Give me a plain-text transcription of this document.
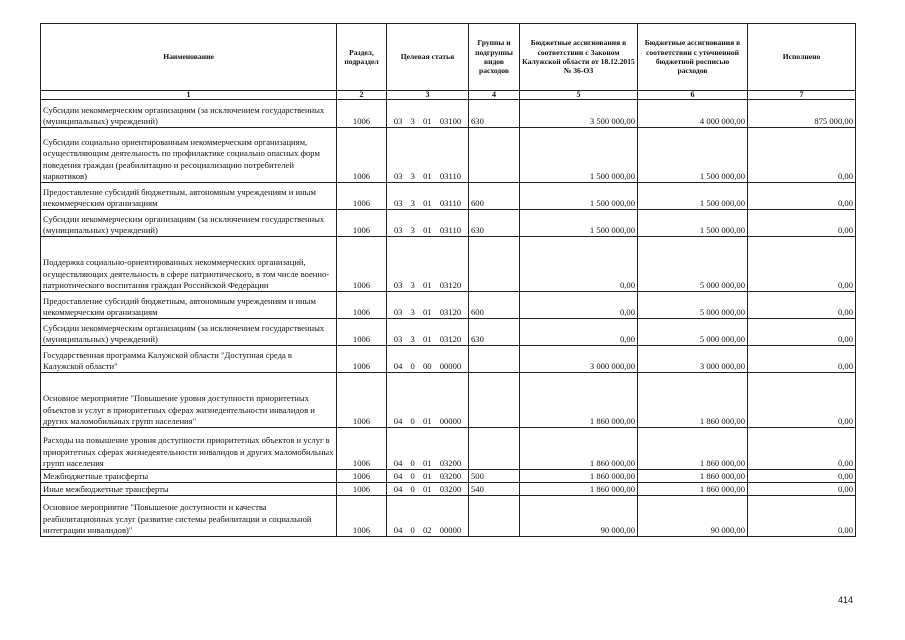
Наименование	Раздел, подраздел	Целевая статья	Группы и подгруппы видов расходов	Бюджетные ассигнования в соответствии с Законом Калужской области от 18.12.2015 № 36-ОЗ	Бюджетные ассигнования в соответствии с уточненной бюджетной росписью расходов	Исполнено
1	2	3	4	5	6	7
Субсидии некоммерческим организациям (за исключением государственных (муниципальных) учреждений)	1006	03 3 01 03100	630	3 500 000,00	4 000 000,00	875 000,00
Субсидии социально ориентированным некоммерческим организациям, осуществляющим деятельность по профилактике социально опасных форм поведения граждан (реабилитацию и ресоциализацию потребителей наркотиков)	1006	03 3 01 03110		1 500 000,00	1 500 000,00	0,00
Предоставление субсидий бюджетным, автономным учреждениям и иным некоммерческим организациям	1006	03 3 01 03110	600	1 500 000,00	1 500 000,00	0,00
Субсидии некоммерческим организациям (за исключением государственных (муниципальных) учреждений)	1006	03 3 01 03110	630	1 500 000,00	1 500 000,00	0,00
Поддержка социально-ориентированных некоммерческих организаций, осуществляющих деятельность в сфере патриотического, в том числе военно-патриотического воспитания граждан Российской Федерации	1006	03 3 01 03120		0,00	5 000 000,00	0,00
Предоставление субсидий бюджетным, автономным учреждениям и иным некоммерческим организациям	1006	03 3 01 03120	600	0,00	5 000 000,00	0,00
Субсидии некоммерческим организациям (за исключением государственных (муниципальных) учреждений)	1006	03 3 01 03120	630	0,00	5 000 000,00	0,00
Государственная программа Калужской области "Доступная среда в Калужской области"	1006	04 0 00 00000		3 000 000,00	3 000 000,00	0,00
Основное мероприятие "Повышение уровня доступности приоритетных объектов и услуг в приоритетных сферах жизнедеятельности инвалидов и других маломобильных групп населения"	1006	04 0 01 00000		1 860 000,00	1 860 000,00	0,00
Расходы на повышение уровня доступности приоритетных объектов и услуг в приоритетных сферах жизнедеятельности инвалидов и других маломобильных групп населения	1006	04 0 01 03200		1 860 000,00	1 860 000,00	0,00
Межбюджетные трансферты	1006	04 0 01 03200	500	1 860 000,00	1 860 000,00	0,00
Иные межбюджетные трансферты	1006	04 0 01 03200	540	1 860 000,00	1 860 000,00	0,00
Основное мероприятие "Повышение доступности и качества реабилитационных услуг (развитие системы реабилитации и социальной интеграции инвалидов)"	1006	04 0 02 00000		90 000,00	90 000,00	0,00
414
